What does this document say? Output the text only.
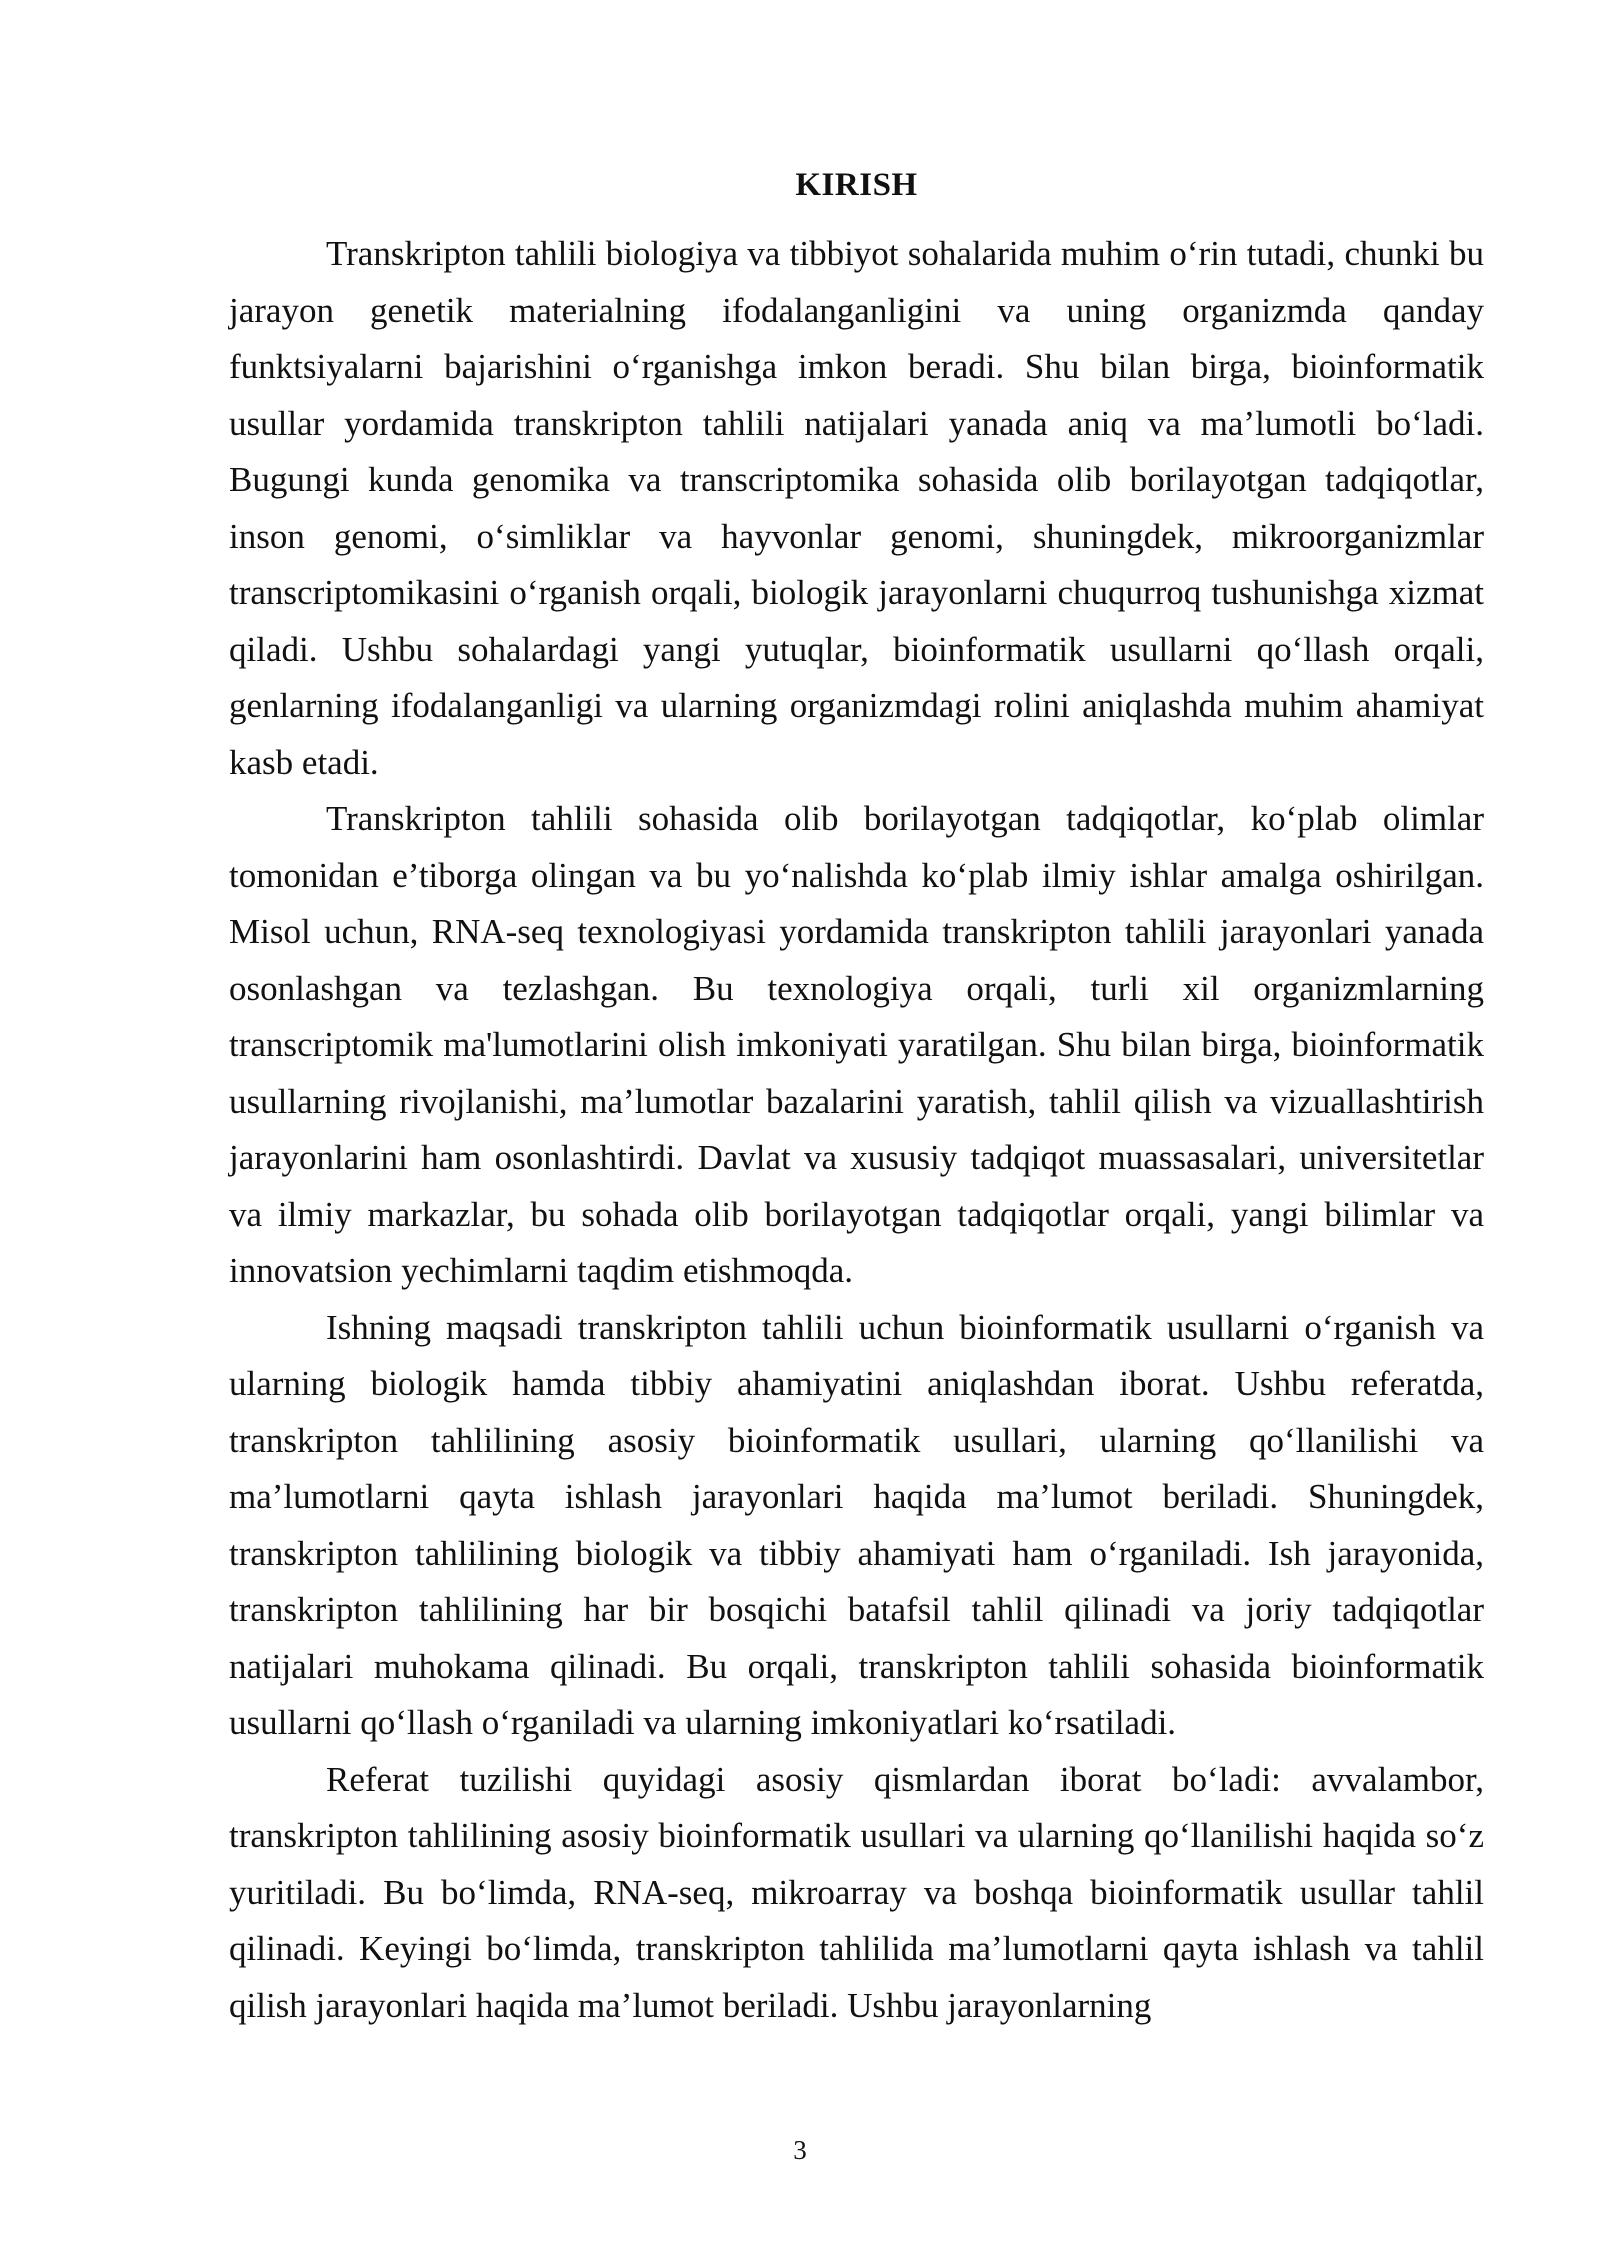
KIRISH

Transkripton tahlili biologiya va tibbiyot sohalarida muhim o‘rin tutadi, chunki bu jarayon genetik materialning ifodalanganligini va uning organizmda qanday funktsiyalarni bajarishini o‘rganishga imkon beradi. Shu bilan birga, bioinformatik usullar yordamida transkripton tahlili natijalari yanada aniq va ma’lumotli bo‘ladi. Bugungi kunda genomika va transcriptomika sohasida olib borilayotgan tadqiqotlar, inson genomi, o‘simliklar va hayvonlar genomi, shuningdek, mikroorganizmlar transcriptomikasini o‘rganish orqali, biologik jarayonlarni chuqurroq tushunishga xizmat qiladi. Ushbu sohalardagi yangi yutuqlar, bioinformatik usullarni qo‘llash orqali, genlarning ifodalanganligi va ularning organizmdagi rolini aniqlashda muhim ahamiyat kasb etadi.

Transkripton tahlili sohasida olib borilayotgan tadqiqotlar, ko‘plab olimlar tomonidan e’tiborga olingan va bu yo‘nalishda ko‘plab ilmiy ishlar amalga oshirilgan. Misol uchun, RNA-seq texnologiyasi yordamida transkripton tahlili jarayonlari yanada osonlashgan va tezlashgan. Bu texnologiya orqali, turli xil organizmlarning transcriptomik ma'lumotlarini olish imkoniyati yaratilgan. Shu bilan birga, bioinformatik usullarning rivojlanishi, ma’lumotlar bazalarini yaratish, tahlil qilish va vizuallashtirish jarayonlarini ham osonlashtirdi. Davlat va xususiy tadqiqot muassasalari, universitetlar va ilmiy markazlar, bu sohada olib borilayotgan tadqiqotlar orqali, yangi bilimlar va innovatsion yechimlarni taqdim etishmoqda.

Ishning maqsadi transkripton tahlili uchun bioinformatik usullarni o‘rganish va ularning biologik hamda tibbiy ahamiyatini aniqlashdan iborat. Ushbu referatda, transkripton tahlilining asosiy bioinformatik usullari, ularning qo‘llanilishi va ma’lumotlarni qayta ishlash jarayonlari haqida ma’lumot beriladi. Shuningdek, transkripton tahlilining biologik va tibbiy ahamiyati ham o‘rganiladi. Ish jarayonida, transkripton tahlilining har bir bosqichi batafsil tahlil qilinadi va joriy tadqiqotlar natijalari muhokama qilinadi. Bu orqali, transkripton tahlili sohasida bioinformatik usullarni qo‘llash o‘rganiladi va ularning imkoniyatlari ko‘rsatiladi.

Referat tuzilishi quyidagi asosiy qismlardan iborat bo‘ladi: avvalambor, transkripton tahlilining asosiy bioinformatik usullari va ularning qo‘llanilishi haqida so‘z yuritiladi. Bu bo‘limda, RNA-seq, mikroarray va boshqa bioinformatik usullar tahlil qilinadi. Keyingi bo‘limda, transkripton tahlilida ma’lumotlarni qayta ishlash va tahlil qilish jarayonlari haqida ma’lumot beriladi. Ushbu jarayonlarning

3
